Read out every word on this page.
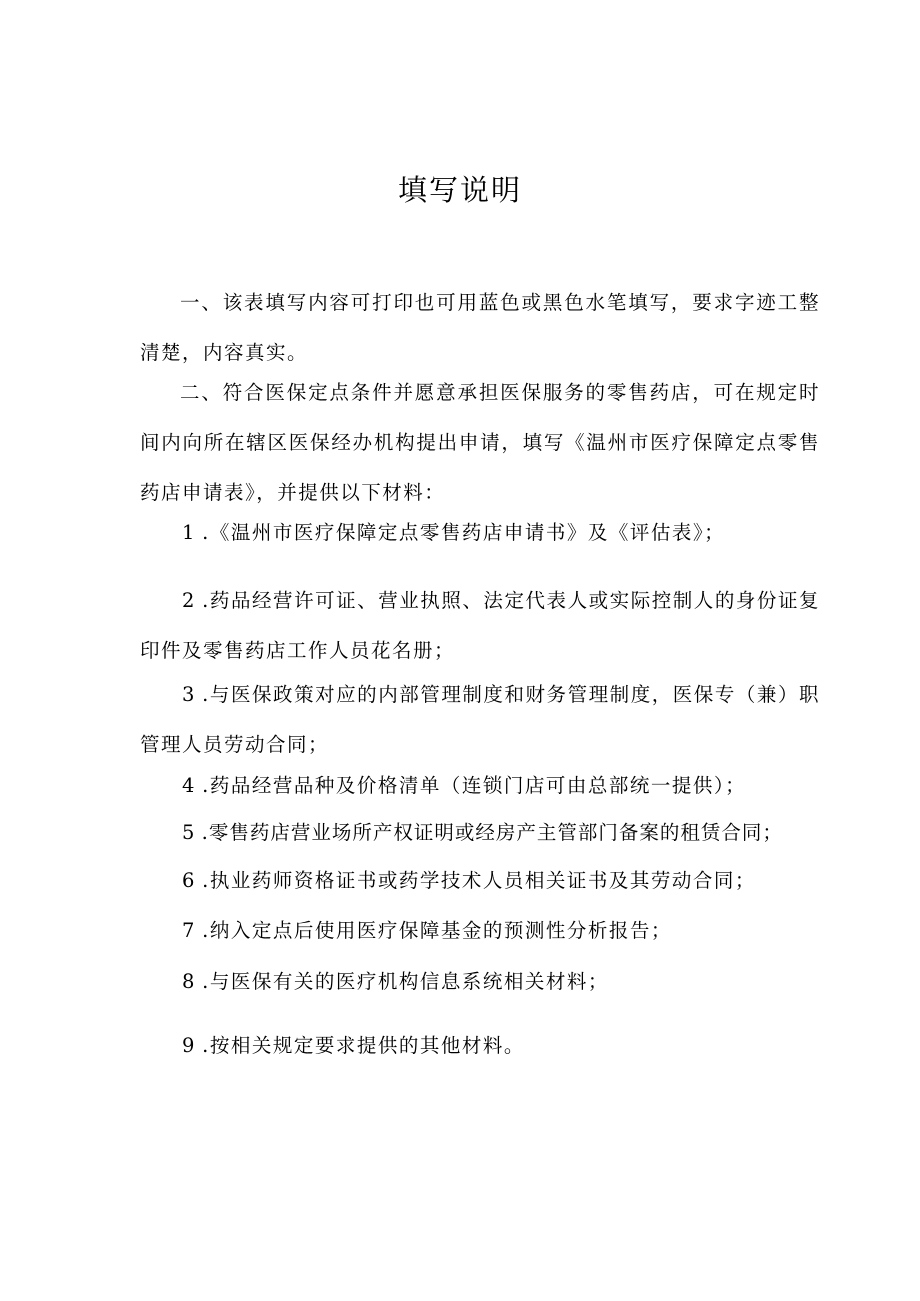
填写说明

一、该表填写内容可打印也可用蓝色或黑色水笔填写，要求字迹工整清楚，内容真实。

二、符合医保定点条件并愿意承担医保服务的零售药店，可在规定时间内向所在辖区医保经办机构提出申请，填写《温州市医疗保障定点零售药店申请表》，并提供以下材料：

1 .《温州市医疗保障定点零售药店申请书》及《评估表》；

2 .药品经营许可证、营业执照、法定代表人或实际控制人的身份证复印件及零售药店工作人员花名册；

3 .与医保政策对应的内部管理制度和财务管理制度，医保专（兼）职管理人员劳动合同；

4 .药品经营品种及价格清单（连锁门店可由总部统一提供）；

5 .零售药店营业场所产权证明或经房产主管部门备案的租赁合同；

6 .执业药师资格证书或药学技术人员相关证书及其劳动合同；

7 .纳入定点后使用医疗保障基金的预测性分析报告；

8 .与医保有关的医疗机构信息系统相关材料；

9 .按相关规定要求提供的其他材料。
